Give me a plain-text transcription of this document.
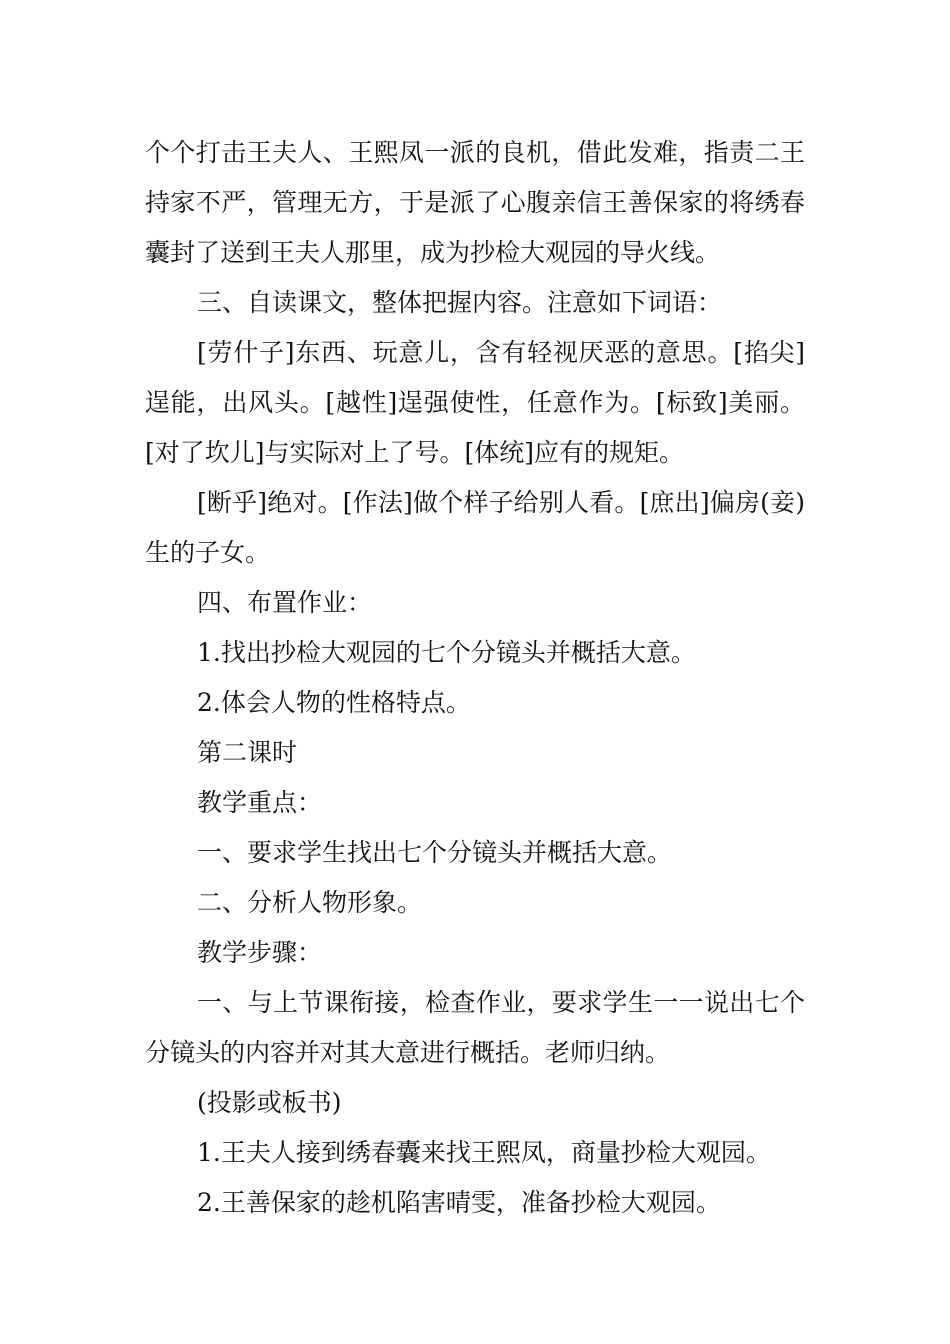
个个打击王夫人、王熙凤一派的良机，借此发难，指责二王持家不严，管理无方，于是派了心腹亲信王善保家的将绣春囊封了送到王夫人那里，成为抄检大观园的导火线。

三、自读课文，整体把握内容。注意如下词语：

[劳什子]东西、玩意儿，含有轻视厌恶的意思。[掐尖]逞能，出风头。[越性]逞强使性，任意作为。[标致]美丽。[对了坎儿]与实际对上了号。[体统]应有的规矩。

[断乎]绝对。[作法]做个样子给别人看。[庶出]偏房(妾)生的子女。

四、布置作业：

1.找出抄检大观园的七个分镜头并概括大意。

2.体会人物的性格特点。

第二课时

教学重点：

一、要求学生找出七个分镜头并概括大意。

二、分析人物形象。

教学步骤：

一、与上节课衔接，检查作业，要求学生一一说出七个分镜头的内容并对其大意进行概括。老师归纳。

(投影或板书)

1.王夫人接到绣春囊来找王熙凤，商量抄检大观园。

2.王善保家的趁机陷害晴雯，准备抄检大观园。
